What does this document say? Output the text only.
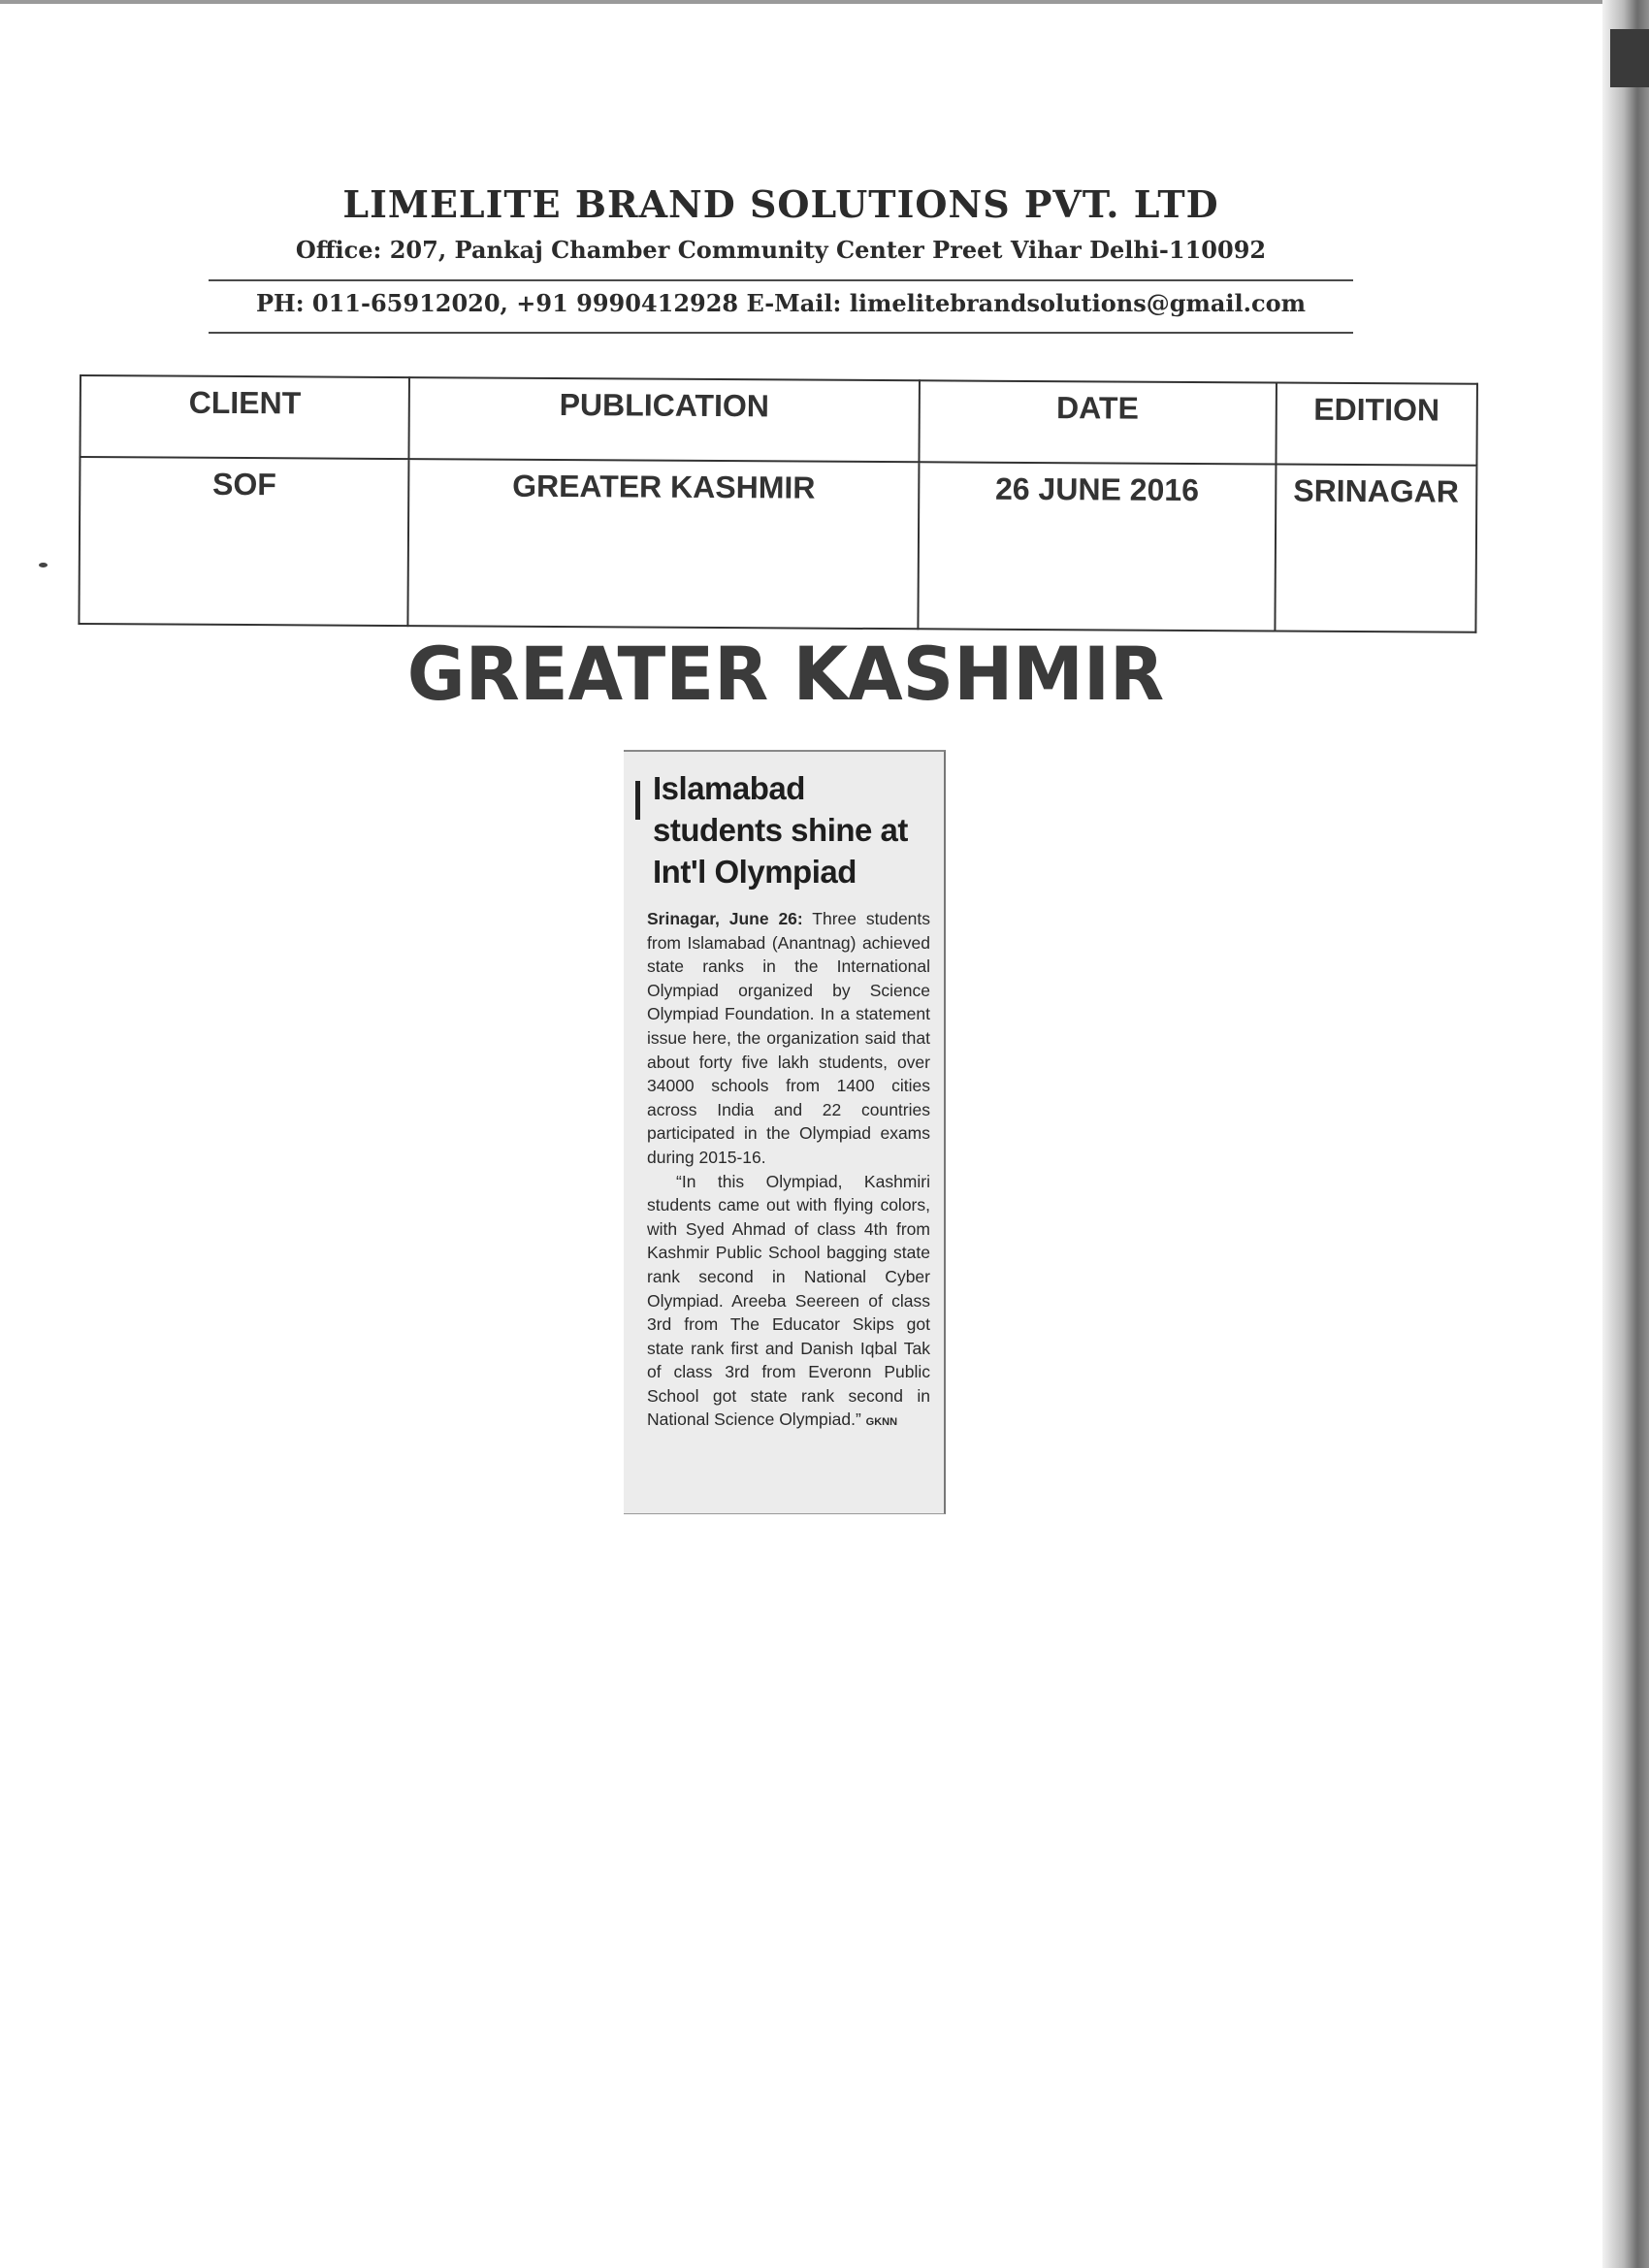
LIMELITE BRAND SOLUTIONS PVT. LTD
Office: 207, Pankaj Chamber Community Center Preet Vihar Delhi-110092
PH: 011-65912020, +91 9990412928 E-Mail: limelitebrandsolutions@gmail.com
CLIENT	PUBLICATION	DATE	EDITION
SOF	GREATER KASHMIR	26 JUNE 2016	SRINAGAR
GREATER KASHMIR
Islamabad students shine at Int'l Olympiad

Srinagar, June 26: Three students from Islamabad (Anantnag) achieved state ranks in the International Olympiad organized by Science Olympiad Foundation. In a statement issue here, the organization said that about forty five lakh students, over 34000 schools from 1400 cities across India and 22 countries participated in the Olympiad exams during 2015-16.

“In this Olympiad, Kashmiri students came out with flying colors, with Syed Ahmad of class 4th from Kashmir Public School bagging state rank second in National Cyber Olympiad. Areeba Seereen of class 3rd from The Educator Skips got state rank first and Danish Iqbal Tak of class 3rd from Everonn Public School got state rank second in National Science Olympiad.” GKNN
